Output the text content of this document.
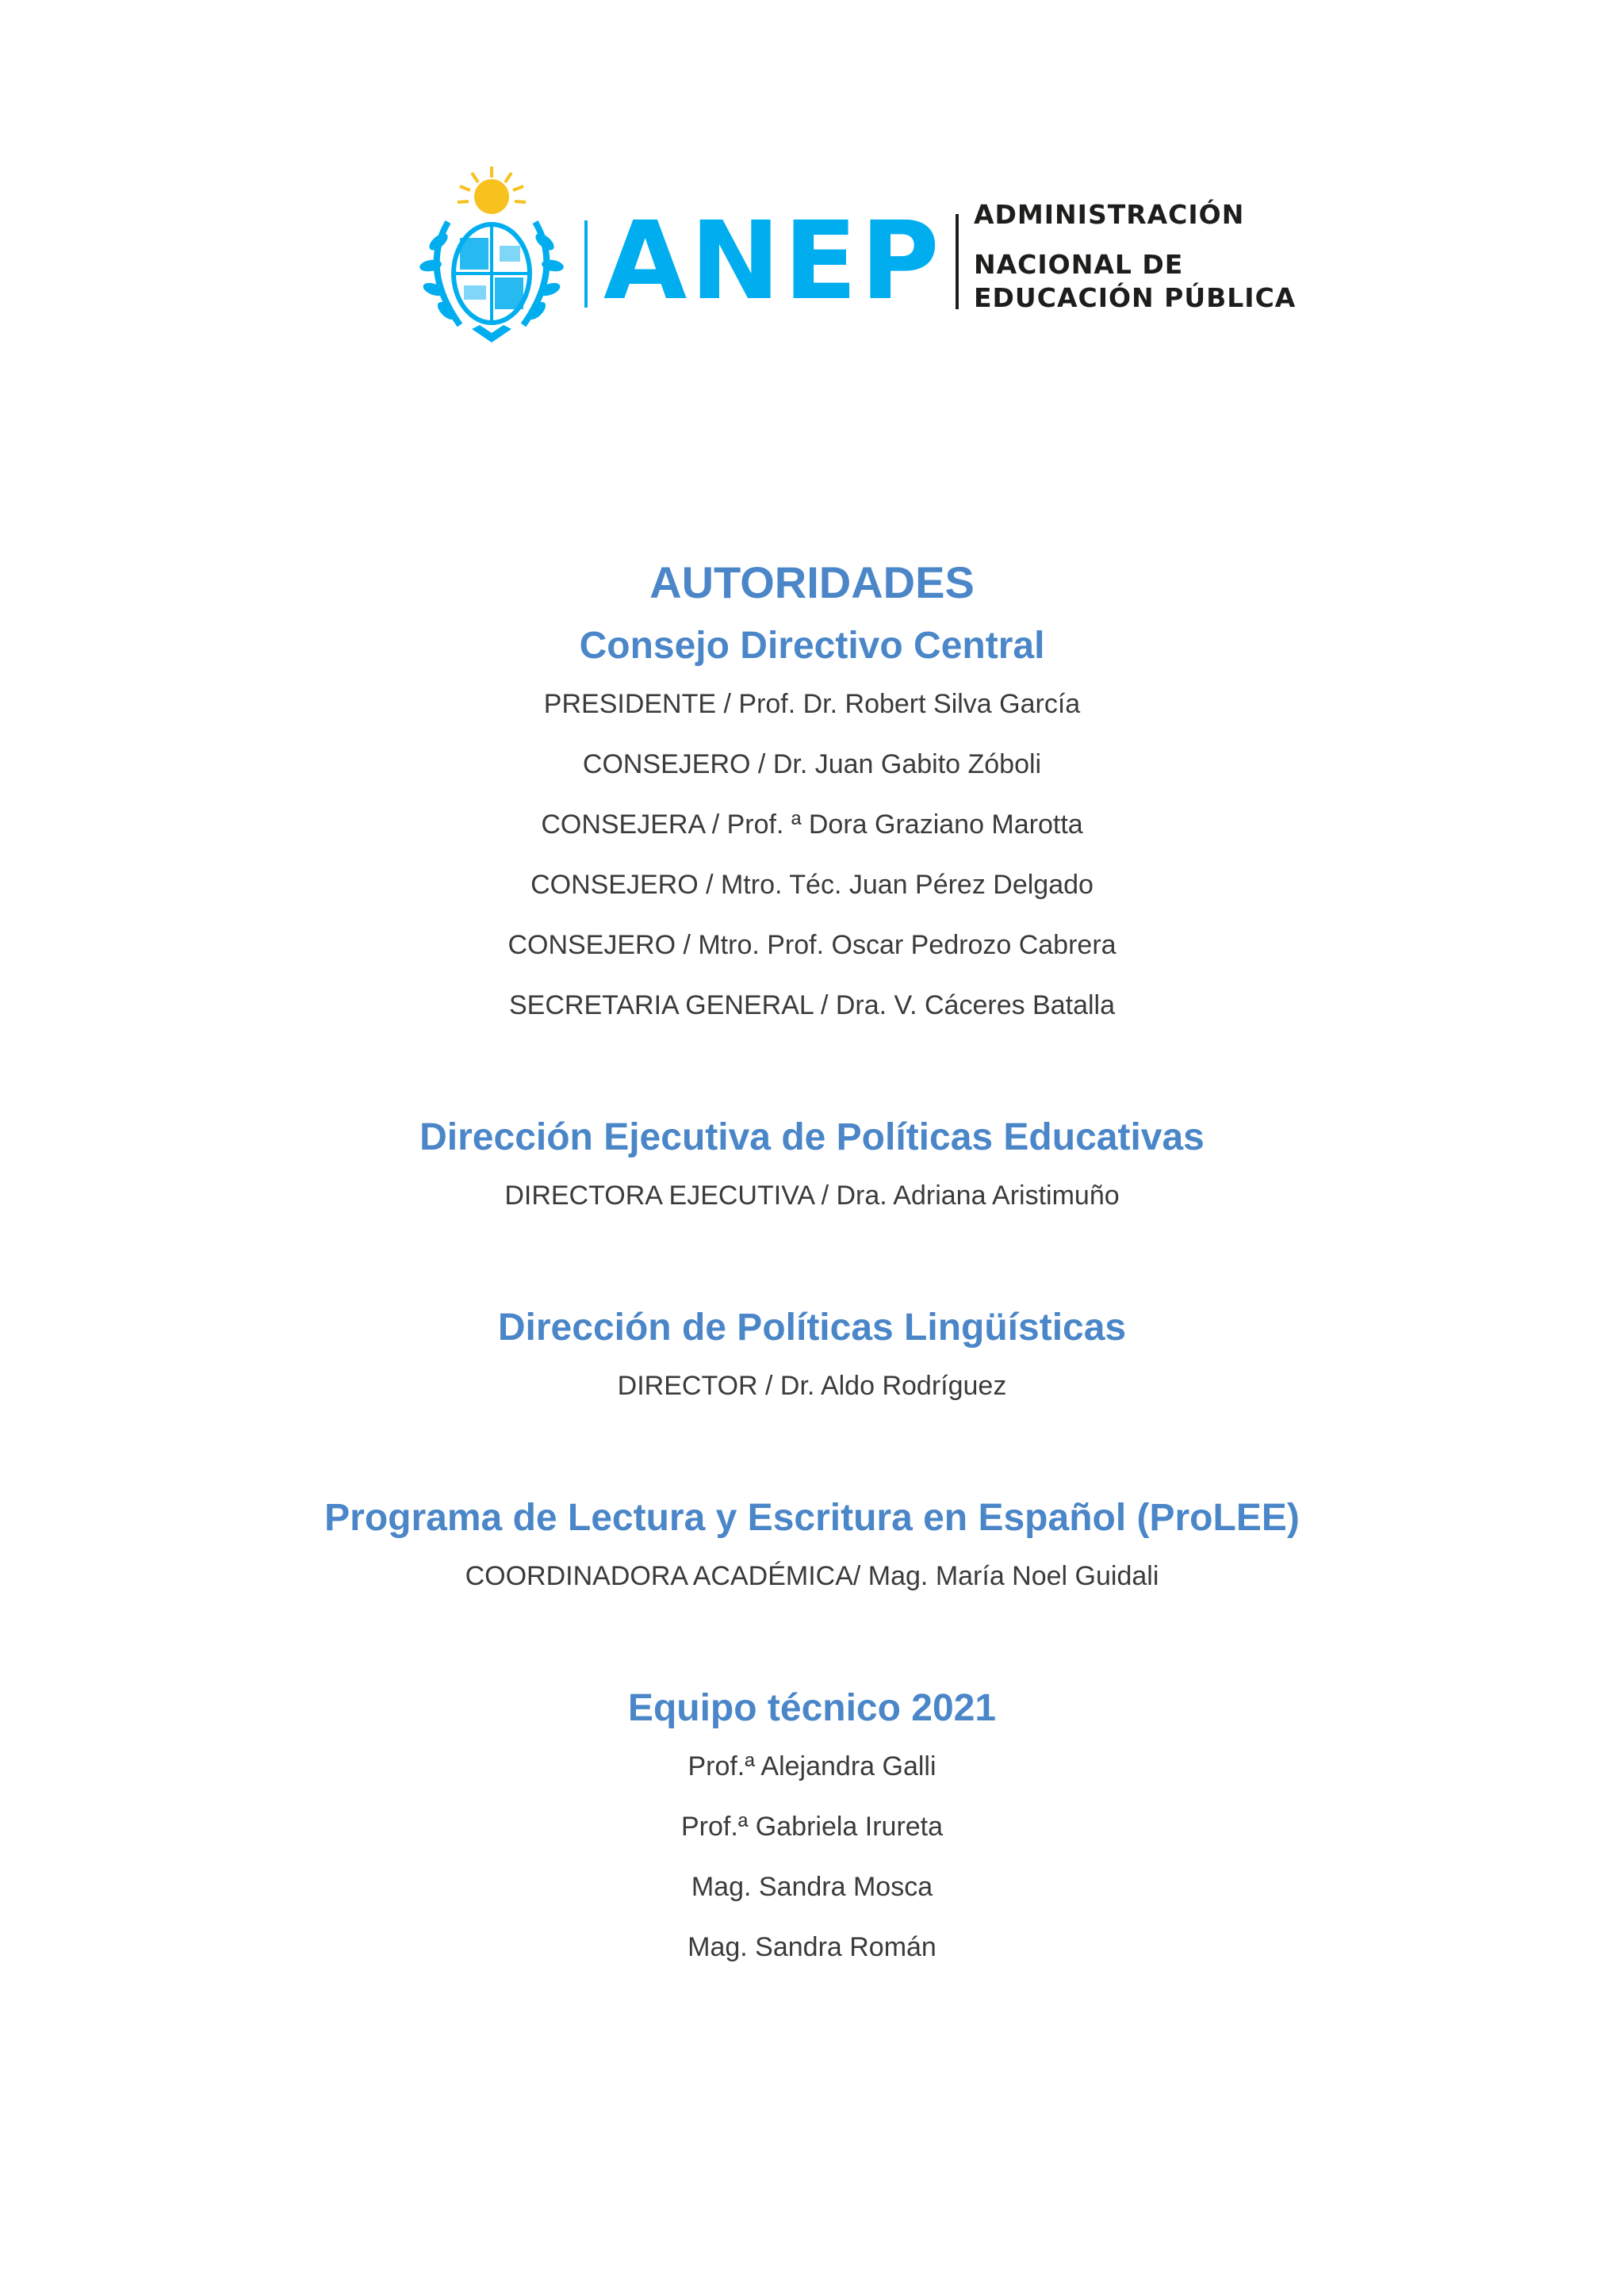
ANEP ADMINISTRACIÓN
NACIONAL DE
EDUCACIÓN PÚBLICA
AUTORIDADES
Consejo Directivo Central

PRESIDENTE / Prof. Dr. Robert Silva García

CONSEJERO / Dr. Juan Gabito Zóboli

CONSEJERA / Prof. ª Dora Graziano Marotta

CONSEJERO / Mtro. Téc. Juan Pérez Delgado

CONSEJERO / Mtro. Prof. Oscar Pedrozo Cabrera

SECRETARIA GENERAL / Dra. V. Cáceres Batalla

Dirección Ejecutiva de Políticas Educativas

DIRECTORA EJECUTIVA / Dra. Adriana Aristimuño

Dirección de Políticas Lingüísticas

DIRECTOR / Dr. Aldo Rodríguez

Programa de Lectura y Escritura en Español (ProLEE)

COORDINADORA ACADÉMICA/ Mag. María Noel Guidali

Equipo técnico 2021

Prof.ª Alejandra Galli

Prof.ª Gabriela Irureta

Mag. Sandra Mosca

Mag. Sandra Román
